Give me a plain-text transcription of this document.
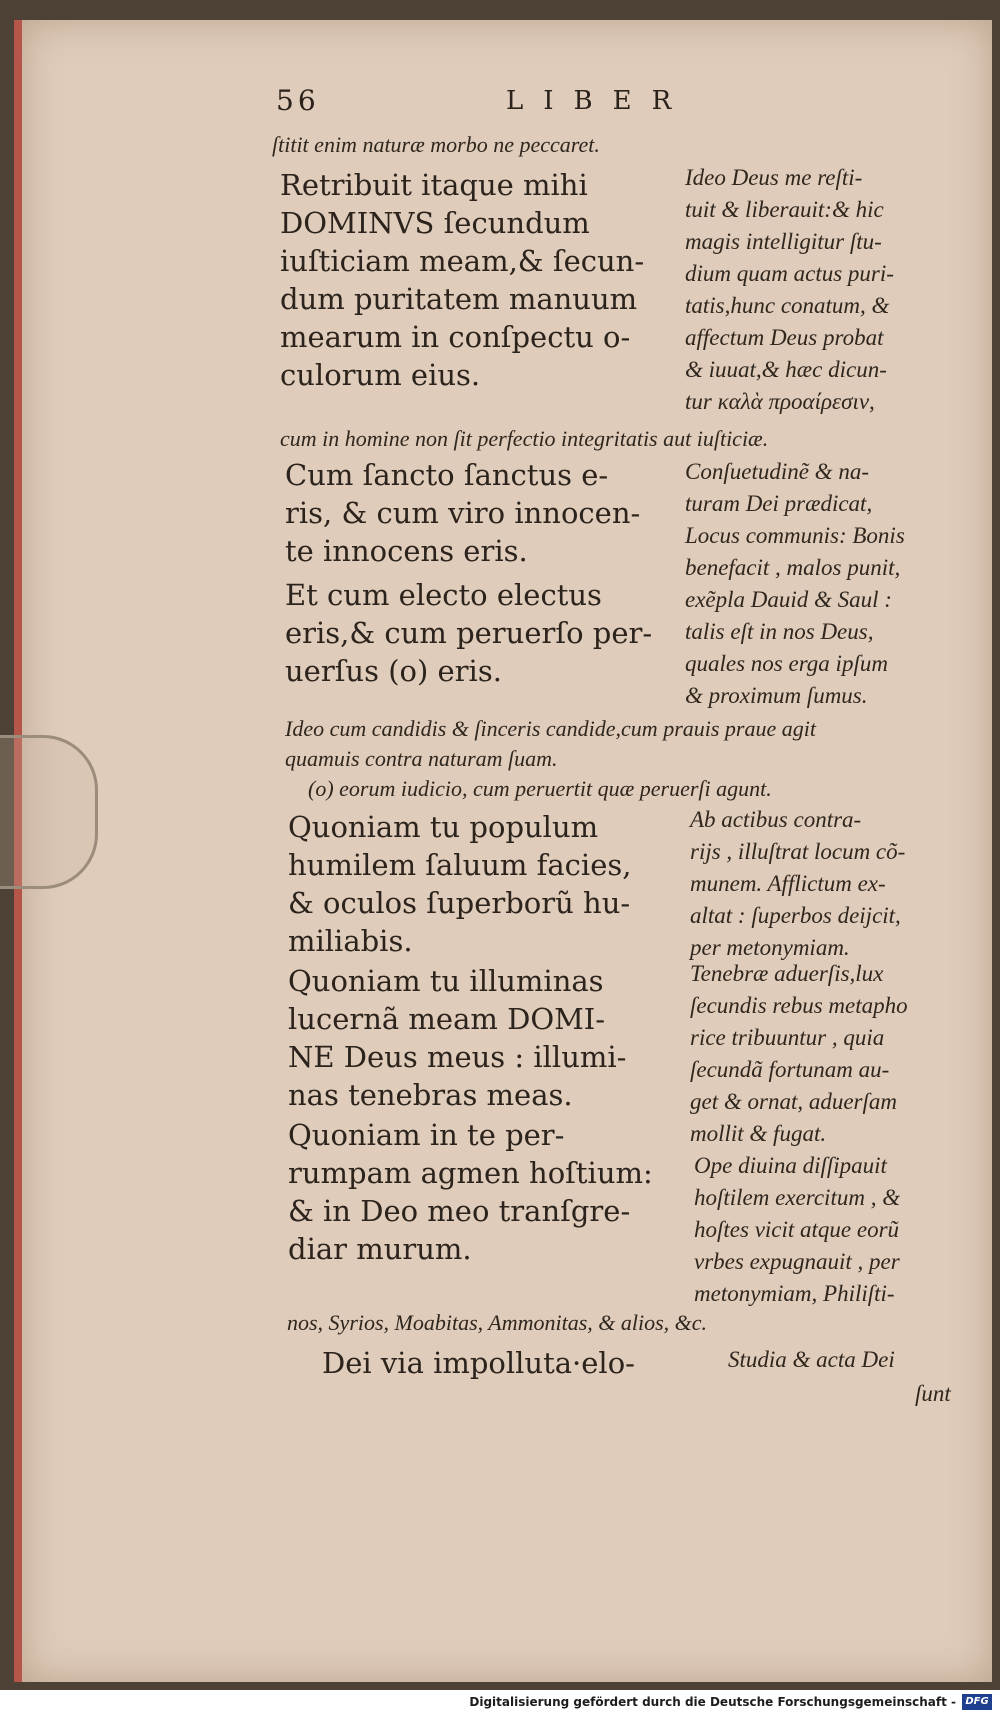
56	LIBER
ſtitit enim naturæ morbo ne peccaret.
Retribuit itaque mihi
DOMINVS ſecundum
iuſticiam meam,& ſecun-
dum puritatem manuum
mearum in conſpectu o-
culorum eius.
Ideo Deus me reſti-
tuit & liberauit:& hic
magis intelligitur ſtu-
dium quam actus puri-
tatis,hunc conatum, &
affectum Deus probat
& iuuat,& hæc dicun-
tur καλὰ προαίρεσιν,
cum in homine non ſit perfectio integritatis aut iuſticiæ.
Cum ſancto ſanctus e-
ris, & cum viro innocen-
te innocens eris.
Et cum electo electus
eris,& cum peruerſo per-
uerſus (o) eris.
Conſuetudinẽ & na-
turam Dei prædicat,
Locus communis: Bonis
benefacit , malos punit,
exẽpla Dauid & Saul :
talis eſt in nos Deus,
quales nos erga ipſum
& proximum ſumus.
Ideo cum candidis & ſinceris candide,cum prauis praue agit
quamuis contra naturam ſuam.
(o) eorum iudicio, cum peruertit quæ peruerſi agunt.
Quoniam tu populum
humilem ſaluum facies,
& oculos ſuperborũ hu-
miliabis.
Ab actibus contra-
rijs , illuſtrat locum cõ-
munem. Afflictum ex-
altat : ſuperbos deijcit,
per metonymiam.
Quoniam tu illuminas
lucernã meam DOMI-
NE Deus meus : illumi-
nas tenebras meas.
Tenebræ aduerſis,lux
ſecundis rebus metapho
rice tribuuntur , quia
ſecundã fortunam au-
get & ornat, aduerſam
mollit & fugat.
Quoniam in te per-
rumpam agmen hoſtium:
& in Deo meo tranſgre-
diar murum.
Ope diuina diſſipauit
hoſtilem exercitum , &
hoſtes vicit atque eorũ
vrbes expugnauit , per
metonymiam, Philiſti-
nos, Syrios, Moabitas, Ammonitas, & alios, &c.
Dei via impolluta·elo-	Studia & acta Dei
ſunt
Digitalisierung gefördert durch die Deutsche Forschungsgemeinschaft - DFG
